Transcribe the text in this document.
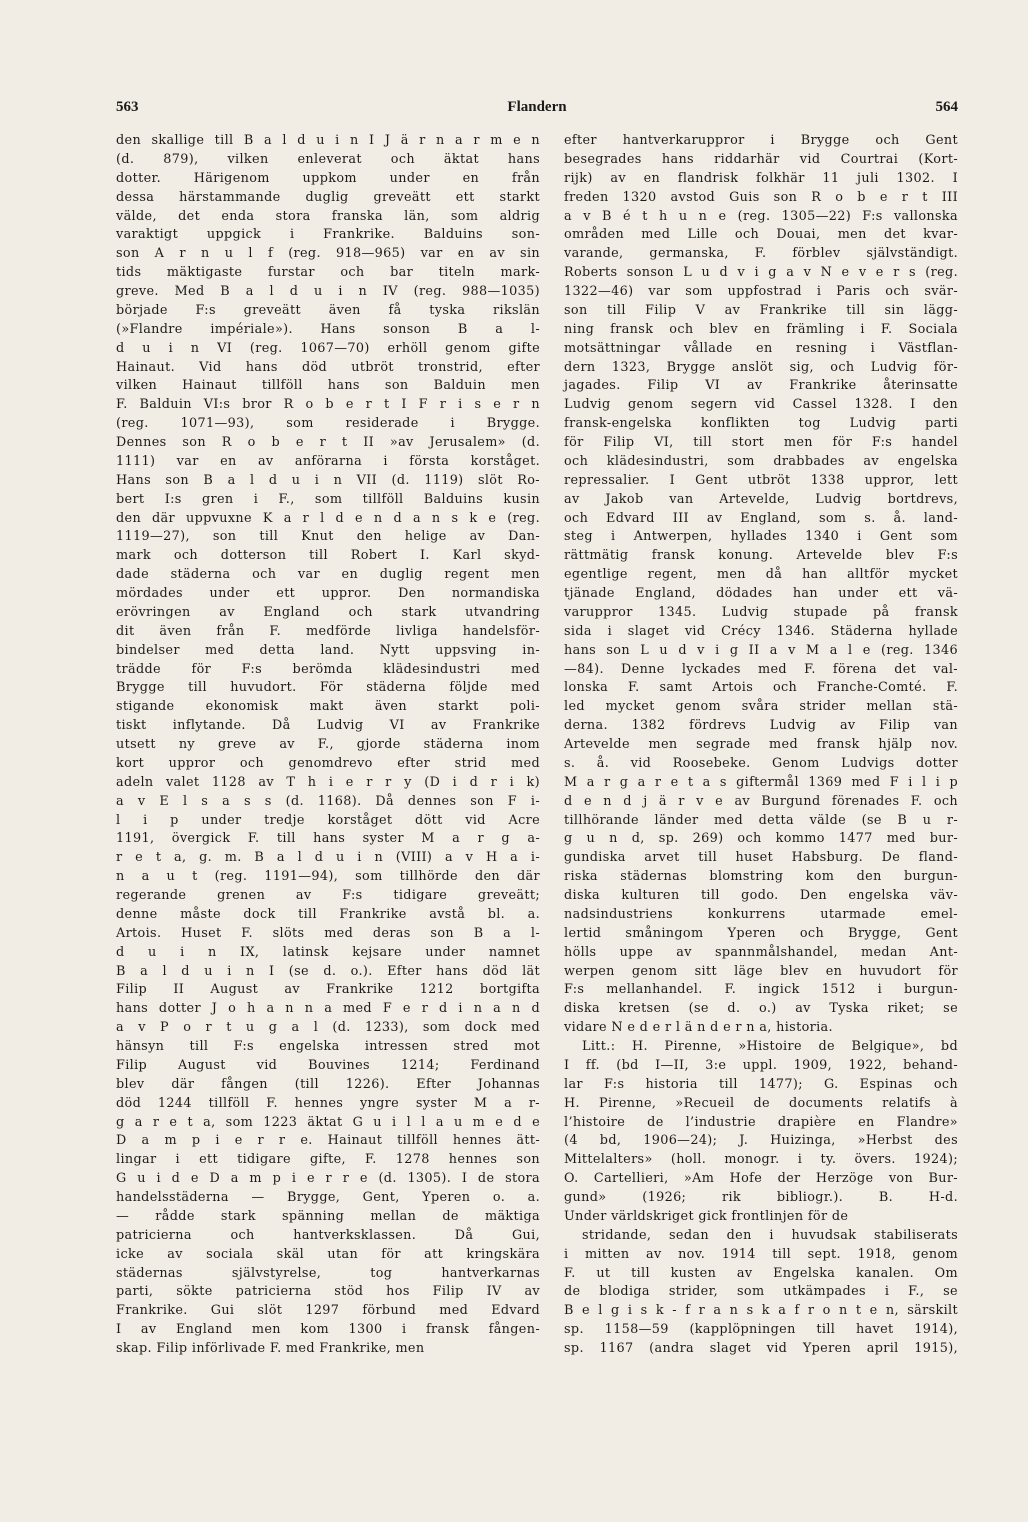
563	Flandern	564
den skallige till B a l d u i n I J ä r n a r m e n
(d. 879), vilken enleverat och äktat hans
dotter. Härigenom uppkom under en från
dessa härstammande duglig greveätt ett starkt
välde, det enda stora franska län, som aldrig
varaktigt uppgick i Frankrike. Balduins son-
son A r n u l f (reg. 918—965) var en av sin
tids mäktigaste furstar och bar titeln mark-
greve. Med B a l d u i n IV (reg. 988—1035)
började F:s greveätt även få tyska rikslän
(»Flandre impériale»). Hans sonson B a l-
d u i n VI (reg. 1067—70) erhöll genom gifte
Hainaut. Vid hans död utbröt tronstrid, efter
vilken Hainaut tillföll hans son Balduin men
F. Balduin VI:s bror R o b e r t I F r i s e r n
(reg. 1071—93), som residerade i Brygge.
Dennes son R o b e r t II »av Jerusalem» (d.
1111) var en av anförarna i första korståget.
Hans son B a l d u i n VII (d. 1119) slöt Ro-
bert I:s gren i F., som tillföll Balduins kusin
den där uppvuxne K a r l d e n d a n s k e (reg.
1119—27), son till Knut den helige av Dan-
mark och dotterson till Robert I. Karl skyd-
dade städerna och var en duglig regent men
mördades under ett uppror. Den normandiska
erövringen av England och stark utvandring
dit även från F. medförde livliga handelsför-
bindelser med detta land. Nytt uppsving in-
trädde för F:s berömda klädesindustri med
Brygge till huvudort. För städerna följde med
stigande ekonomisk makt även starkt poli-
tiskt inflytande. Då Ludvig VI av Frankrike
utsett ny greve av F., gjorde städerna inom
kort uppror och genomdrevo efter strid med
adeln valet 1128 av T h i e r r y (D i d r i k)
a v E l s a s s (d. 1168). Då dennes son F i-
l i p under tredje korståget dött vid Acre
1191, övergick F. till hans syster M a r g a-
r e t a, g. m. B a l d u i n (VIII) a v H a i-
n a u t (reg. 1191—94), som tillhörde den där
regerande grenen av F:s tidigare greveätt;
denne måste dock till Frankrike avstå bl. a.
Artois. Huset F. slöts med deras son B a l-
d u i n IX, latinsk kejsare under namnet
B a l d u i n I (se d. o.). Efter hans död lät
Filip II August av Frankrike 1212 bortgifta
hans dotter J o h a n n a med F e r d i n a n d
a v P o r t u g a l (d. 1233), som dock med
hänsyn till F:s engelska intressen stred mot
Filip August vid Bouvines 1214; Ferdinand
blev där fången (till 1226). Efter Johannas
död 1244 tillföll F. hennes yngre syster M a r-
g a r e t a, som 1223 äktat G u i l l a u m e d e
D a m p i e r r e. Hainaut tillföll hennes ätt-
lingar i ett tidigare gifte, F. 1278 hennes son
G u i d e D a m p i e r r e (d. 1305). I de stora
handelsstäderna — Brygge, Gent, Yperen o. a.
— rådde stark spänning mellan de mäktiga
patricierna och hantverksklassen. Då Gui,
icke av sociala skäl utan för att kringskära
städernas självstyrelse, tog hantverkarnas
parti, sökte patricierna stöd hos Filip IV av
Frankrike. Gui slöt 1297 förbund med Edvard
I av England men kom 1300 i fransk fången-
skap. Filip införlivade F. med Frankrike, men
efter hantverkaruppror i Brygge och Gent
besegrades hans riddarhär vid Courtrai (Kort-
rijk) av en flandrisk folkhär 11 juli 1302. I
freden 1320 avstod Guis son R o b e r t III
a v B é t h u n e (reg. 1305—22) F:s vallonska
områden med Lille och Douai, men det kvar-
varande, germanska, F. förblev självständigt.
Roberts sonson L u d v i g a v N e v e r s (reg.
1322—46) var som uppfostrad i Paris och svär-
son till Filip V av Frankrike till sin lägg-
ning fransk och blev en främling i F. Sociala
motsättningar vållade en resning i Västflan-
dern 1323, Brygge anslöt sig, och Ludvig för-
jagades. Filip VI av Frankrike återinsatte
Ludvig genom segern vid Cassel 1328. I den
fransk-engelska konflikten tog Ludvig parti
för Filip VI, till stort men för F:s handel
och klädesindustri, som drabbades av engelska
repressalier. I Gent utbröt 1338 uppror, lett
av Jakob van Artevelde, Ludvig bortdrevs,
och Edvard III av England, som s. å. land-
steg i Antwerpen, hyllades 1340 i Gent som
rättmätig fransk konung. Artevelde blev F:s
egentlige regent, men då han alltför mycket
tjänade England, dödades han under ett vä-
varuppror 1345. Ludvig stupade på fransk
sida i slaget vid Crécy 1346. Städerna hyllade
hans son L u d v i g II a v M a l e (reg. 1346
—84). Denne lyckades med F. förena det val-
lonska F. samt Artois och Franche-Comté. F.
led mycket genom svåra strider mellan stä-
derna. 1382 fördrevs Ludvig av Filip van
Artevelde men segrade med fransk hjälp nov.
s. å. vid Roosebeke. Genom Ludvigs dotter
M a r g a r e t a s giftermål 1369 med F i l i p
d e n d j ä r v e av Burgund förenades F. och
tillhörande länder med detta välde (se B u r-
g u n d, sp. 269) och kommo 1477 med bur-
gundiska arvet till huset Habsburg. De fland-
riska städernas blomstring kom den burgun-
diska kulturen till godo. Den engelska väv-
nadsindustriens konkurrens utarmade emel-
lertid småningom Yperen och Brygge, Gent
hölls uppe av spannmålshandel, medan Ant-
werpen genom sitt läge blev en huvudort för
F:s mellanhandel. F. ingick 1512 i burgun-
diska kretsen (se d. o.) av Tyska riket; se
vidare N e d e r l ä n d e r n a, historia.
Litt.: H. Pirenne, »Histoire de Belgique», bd
I ff. (bd I—II, 3:e uppl. 1909, 1922, behand-
lar F:s historia till 1477); G. Espinas och
H. Pirenne, »Recueil de documents relatifs à
l’histoire de l’industrie drapière en Flandre»
(4 bd, 1906—24); J. Huizinga, »Herbst des
Mittelalters» (holl. monogr. i ty. övers. 1924);
O. Cartellieri, »Am Hofe der Herzöge von Bur-
gund» (1926; rik bibliogr.). B. H-d.
Under världskriget gick frontlinjen för de
stridande, sedan den i huvudsak stabiliserats
i mitten av nov. 1914 till sept. 1918, genom
F. ut till kusten av Engelska kanalen. Om
de blodiga strider, som utkämpades i F., se
B e l g i s k - f r a n s k a f r o n t e n, särskilt
sp. 1158—59 (kapplöpningen till havet 1914),
sp. 1167 (andra slaget vid Yperen april 1915),
